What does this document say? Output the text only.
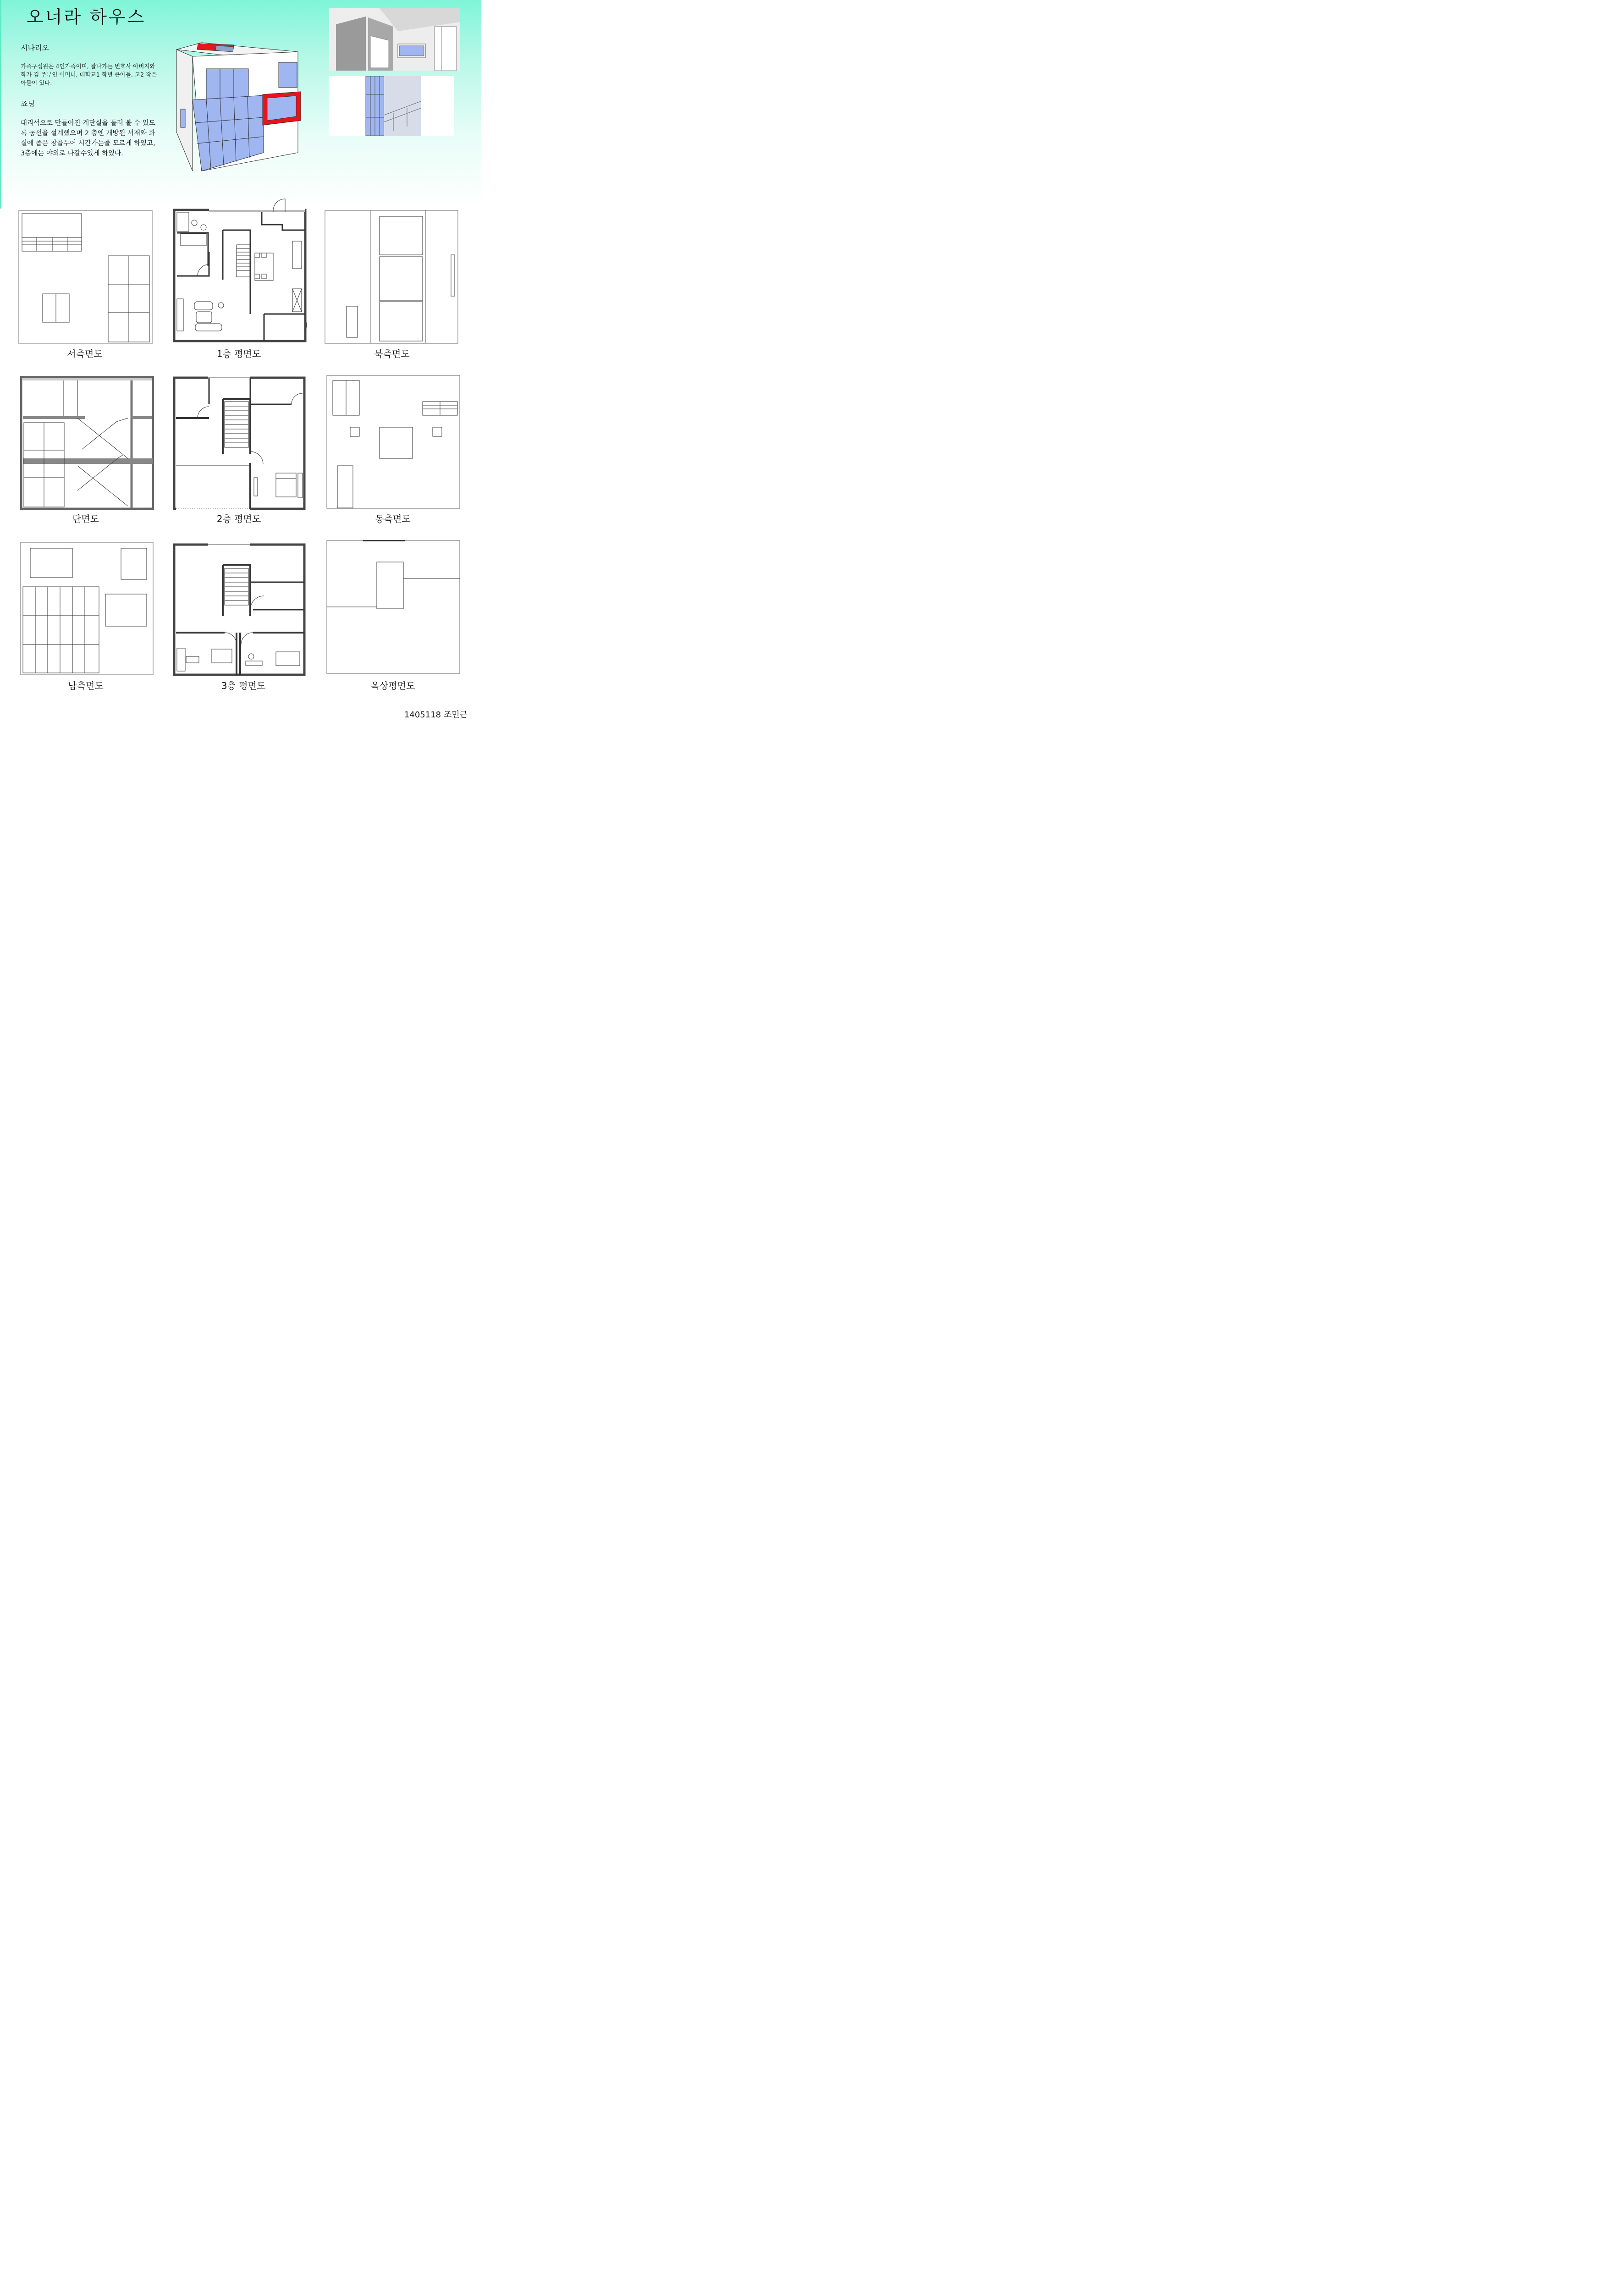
오너라 하우스
시나리오
가족구성원은 4인가족이며, 잘나가는 변호사 아버지와 화가 겸 주부인 어머니, 대학교1 학년 큰아들, 고2 작은아들이 있다.
죠닝
대리석으로 만들어진 계단실을 둘러 볼 수 있도록 동선을 설계했으며 2 층엔 개방된 서재와 화실에 좁은 창을두어 시간가는줄 모르게 하였고, 3층에는 야외로 나갈수있게 하였다.
서측면도	1층 평면도	북측면도
단면도	2층 평면도	동측면도
남측면도	3층 평면도	옥상평면도
1405118 조민근
